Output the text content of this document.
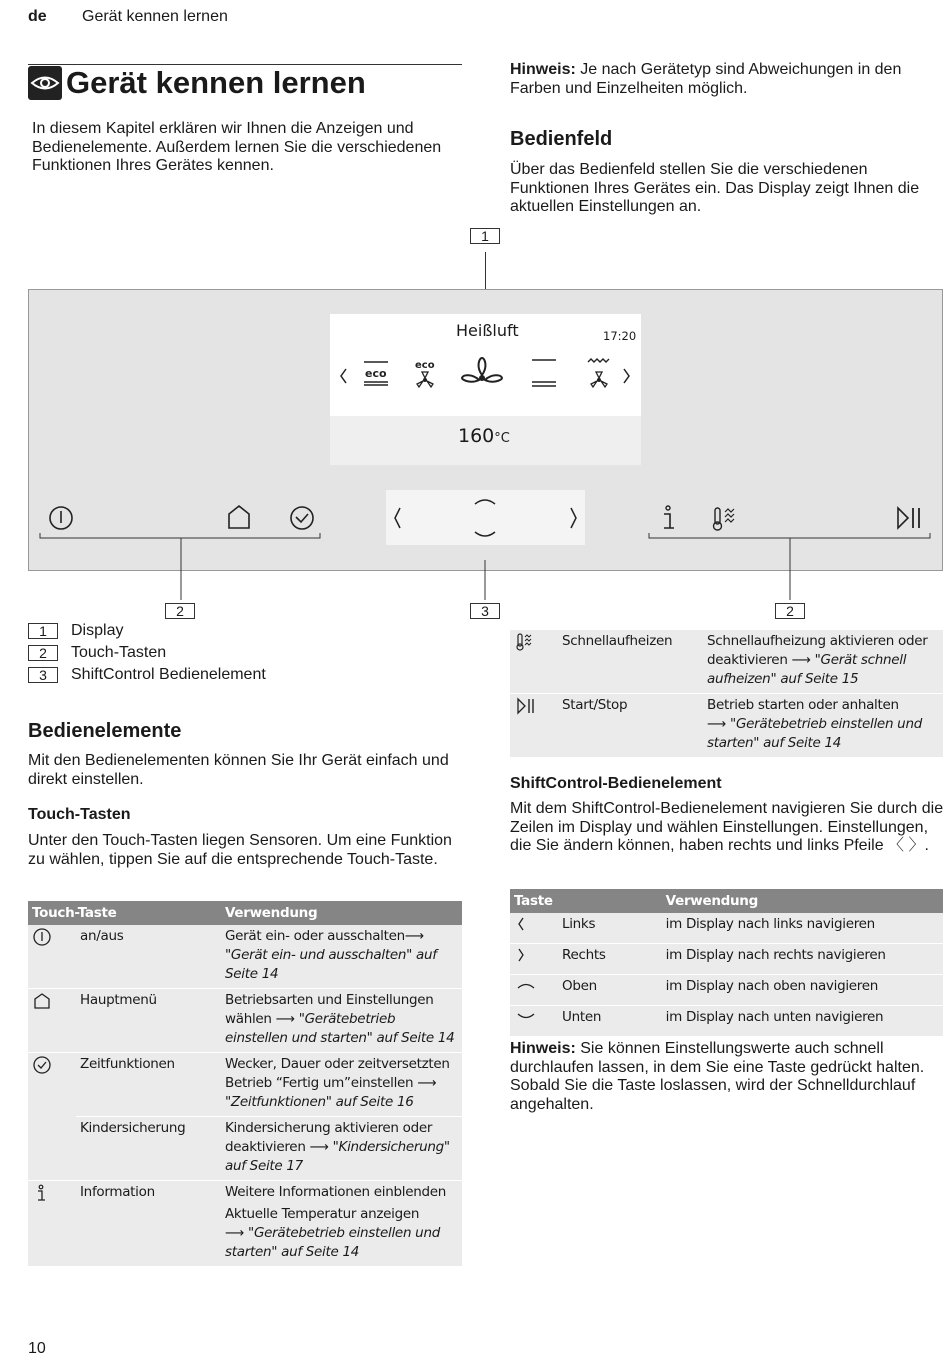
de Gerät kennen lernen
Gerät kennen lernen
In diesem Kapitel erklären wir Ihnen die Anzeigen und Bedienelemente. Außerdem lernen Sie die verschiedenen Funktionen Ihres Gerätes kennen.
Hinweis: Je nach Gerätetyp sind Abweichungen in den Farben und Einzelheiten möglich.
Bedienfeld
Über das Bedienfeld stellen Sie die verschiedenen Funktionen Ihres Gerätes ein. Das Display zeigt Ihnen die aktuellen Einstellungen an.
1
Heißluft	17:20
160°C
eco
eco
2	3	2
1	Display
2	Touch-Tasten
3	ShiftControl Bedienelement
Bedienelemente
Mit den Bedienelementen können Sie Ihr Gerät einfach und direkt einstellen.
Touch-Tasten
Unter den Touch-Tasten liegen Sensoren. Um eine Funktion zu wählen, tippen Sie auf die entsprechende Touch-Taste.
Touch-Taste		Verwendung
	an/aus	Gerät ein- oder ausschalten⟶ "Gerät ein- und ausschalten" auf Seite 14
	Hauptmenü	Betriebsarten und Einstellungen wählen ⟶ "Gerätebetrieb einstellen und starten" auf Seite 14
	Zeitfunktionen	Wecker, Dauer oder zeitversetzten Betrieb “Fertig um”einstellen ⟶ "Zeitfunktionen" auf Seite 16
	Kindersicherung	Kindersicherung aktivieren oder deaktivieren ⟶ "Kindersicherung" auf Seite 17
	Information	Weitere Informationen einblenden
Aktuelle Temperatur anzeigen
⟶ "Gerätebetrieb einstellen und starten" auf Seite 14
	Schnellaufheizen	Schnellaufheizung aktivieren oder deaktivieren ⟶ "Gerät schnell aufheizen" auf Seite 15
	Start/Stop	Betrieb starten oder anhalten
⟶ "Gerätebetrieb einstellen und starten" auf Seite 14
ShiftControl-Bedienelement
Mit dem ShiftControl-Bedienelement navigieren Sie durch die Zeilen im Display und wählen Einstellungen. Einstellungen, die Sie ändern können, haben rechts und links Pfeile 〈 〉.
Taste		Verwendung
	Links	im Display nach links navigieren
	Rechts	im Display nach rechts navigieren
	Oben	im Display nach oben navigieren
	Unten	im Display nach unten navigieren
Hinweis: Sie können Einstellungswerte auch schnell durchlaufen lassen, in dem Sie eine Taste gedrückt halten. Sobald Sie die Taste loslassen, wird der Schnelldurchlauf angehalten.
10
